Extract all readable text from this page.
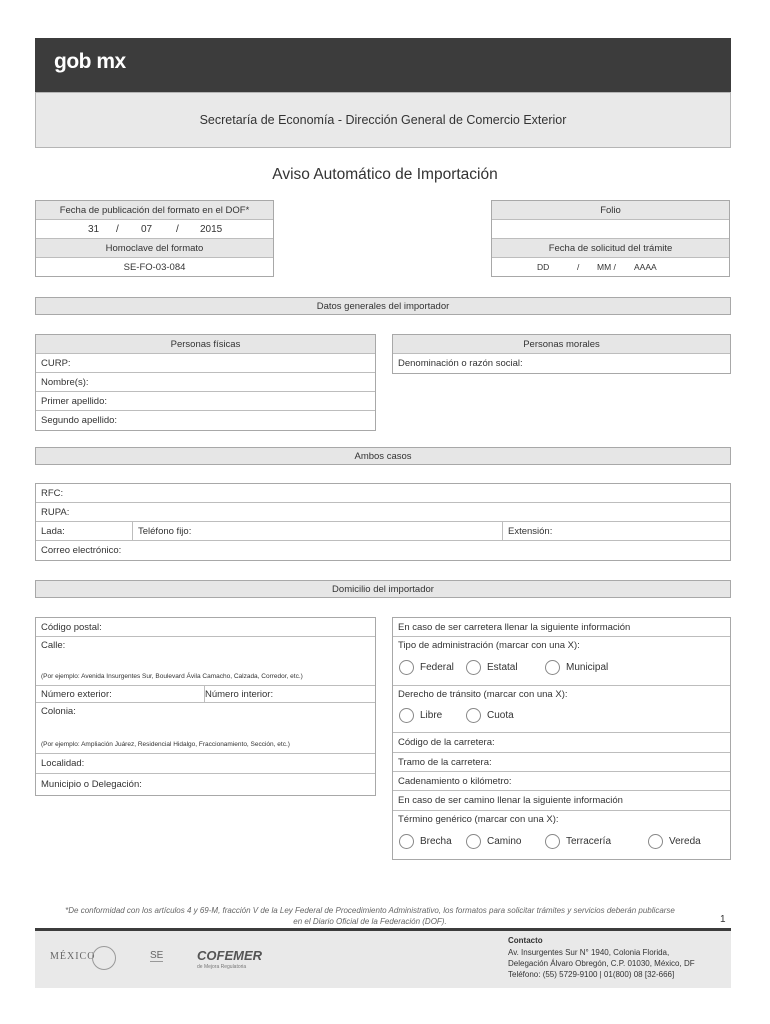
gob mx
Secretaría de Economía - Dirección General de Comercio Exterior
Aviso Automático de Importación
Fecha de publicación del formato en el DOF*
31 / 07 / 2015
Homoclave del formato
SE-FO-03-084
Folio
Fecha de solicitud del trámite
DD	/ MM / AAAA
Datos generales del importador
Personas físicas
CURP:
Nombre(s):
Primer apellido:
Segundo apellido:
Personas morales
Denominación o razón social:
Ambos casos
RFC:
RUPA:
Lada:	Teléfono fijo:	Extensión:
Correo electrónico:
Domicilio del importador
Código postal:
Calle:
(Por ejemplo: Avenida Insurgentes Sur, Boulevard Ávila Camacho, Calzada, Corredor, etc.)
Número exterior:	Número interior:
Colonia:
(Por ejemplo: Ampliación Juárez, Residencial Hidalgo, Fraccionamiento, Sección, etc.)
Localidad:
Municipio o Delegación:
En caso de ser carretera llenar la siguiente información
Tipo de administración (marcar con una X):
Federal	Estatal	Municipal
Derecho de tránsito (marcar con una X):
Libre	Cuota
Código de la carretera:
Tramo de la carretera:
Cadenamiento o kilómetro:
En caso de ser camino llenar la siguiente información
Término genérico (marcar con una X):
Brecha	Camino	Terracería	Vereda
*De conformidad con los artículos 4 y 69-M, fracción V de la Ley Federal de Procedimiento Administrativo, los formatos para solicitar trámites y servicios deberán publicarse en el Diario Oficial de la Federación (DOF).	1
MÉXICO	SE	COFEMER
de Mejora Regulatoria
Contacto
Av. Insurgentes Sur N° 1940, Colonia Florida,
Delegación Álvaro Obregón, C.P. 01030, México, DF
Teléfono: (55) 5729-9100 | 01(800) 08 [32-666]
